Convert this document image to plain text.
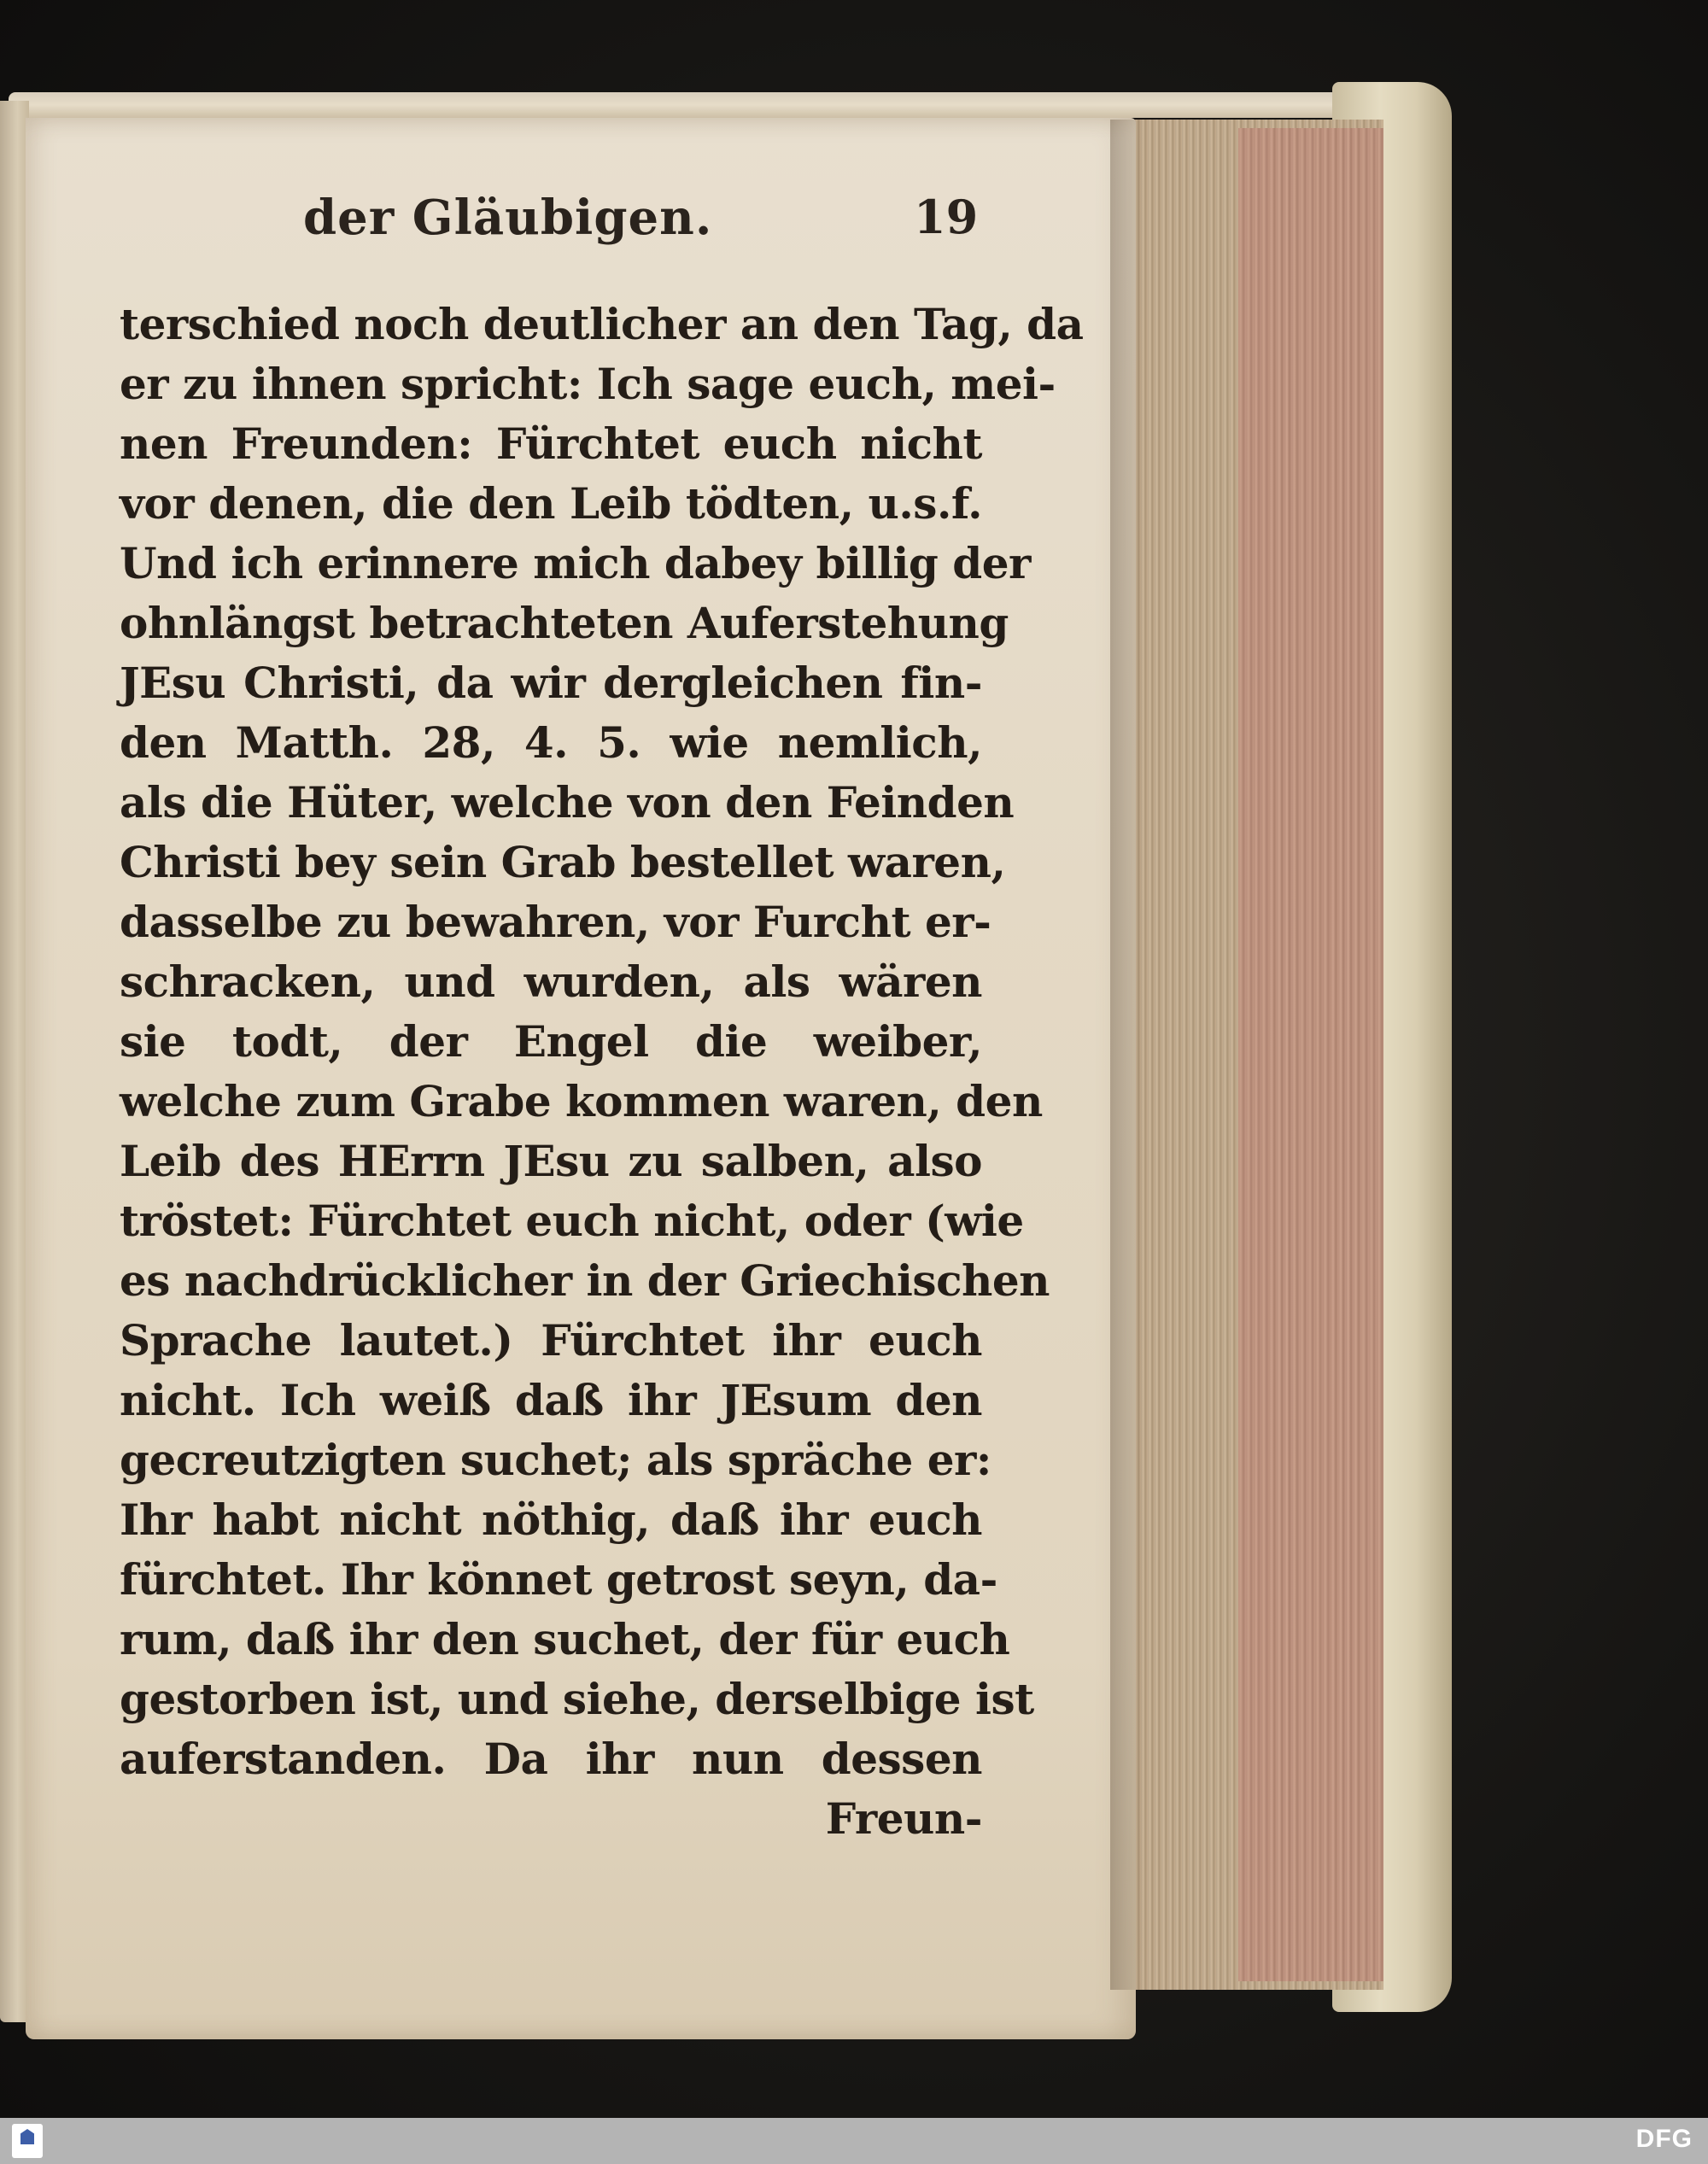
der Gläubigen.	19
terschied noch deutlicher an den Tag, da
er zu ihnen spricht: Ich sage euch, mei-
nen Freunden: Fürchtet euch nicht
vor denen, die den Leib tödten, u.s.f.
Und ich erinnere mich dabey billig der
ohnlängst betrachteten Auferstehung
JEsu Christi, da wir dergleichen fin-
den Matth. 28, 4. 5. wie nemlich,
als die Hüter, welche von den Feinden
Christi bey sein Grab bestellet waren,
dasselbe zu bewahren, vor Furcht er-
schracken, und wurden, als wären
sie todt, der Engel die weiber,
welche zum Grabe kommen waren, den
Leib des HErrn JEsu zu salben, also
tröstet: Fürchtet euch nicht, oder (wie
es nachdrücklicher in der Griechischen
Sprache lautet.) Fürchtet ihr euch
nicht. Ich weiß daß ihr JEsum den
gecreutzigten suchet; als spräche er:
Ihr habt nicht nöthig, daß ihr euch
fürchtet. Ihr könnet getrost seyn, da-
rum, daß ihr den suchet, der für euch
gestorben ist, und siehe, derselbige ist
auferstanden. Da ihr nun dessen
Freun-
DFG
